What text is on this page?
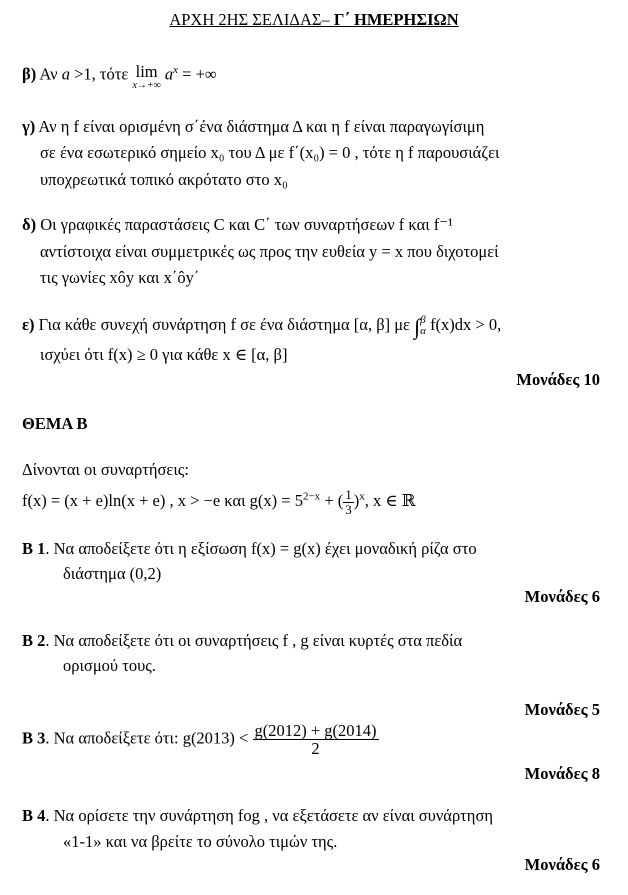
ΑΡΧΗ 2ΗΣ ΣΕΛΙΔΑΣ– Γ΄ ΗΜΕΡΗΣΙΩΝ
β) Αν a >1, τότε lim
x→+∞
$a^x$ = +∞
γ) Αν η f είναι ορισμένη σ΄ένα διάστημα Δ και η f είναι παραγωγίσιμη
σε ένα εσωτερικό σημείο x₀ του Δ με f΄(x₀) = 0 , τότε η f παρουσιάζει
υποχρεωτικά τοπικό ακρότατο στο x₀
δ) Οι γραφικές παραστάσεις C και C΄ των συναρτήσεων f και f⁻¹
αντίστοιχα είναι συμμετρικές ως προς την ευθεία y = x που διχοτομεί
τις γωνίες xôy και x΄ôy΄
ε) Για κάθε συνεχή συνάρτηση f σε ένα διάστημα [α, β] με ∫ β
α f(x)dx > 0,
ισχύει ότι f(x) ≥ 0 για κάθε x ∈ [α, β]
Μονάδες 10
ΘΕΜΑ Β
Δίνονται οι συναρτήσεις:
f(x) = (x + e)ln(x + e) , x > −e και $g(x) = 5^{2-x}$ + ( $\frac{1}{3} )^x$, x ∈ ℝ
Β 1. Να αποδείξετε ότι η εξίσωση f(x) = g(x) έχει μοναδική ρίζα στο
διάστημα (0,2)
Μονάδες 6
Β 2. Να αποδείξετε ότι οι συναρτήσεις f , g είναι κυρτές στα πεδία
ορισμού τους.
Μονάδες 5
Β 3. Να αποδείξετε ότι: $g(2013) < \frac{g(2012) + g(2014)}{2}$
Μονάδες 8
Β 4. Να ορίσετε την συνάρτηση fog , να εξετάσετε αν είναι συνάρτηση
«1-1» και να βρείτε το σύνολο τιμών της.
Μονάδες 6
